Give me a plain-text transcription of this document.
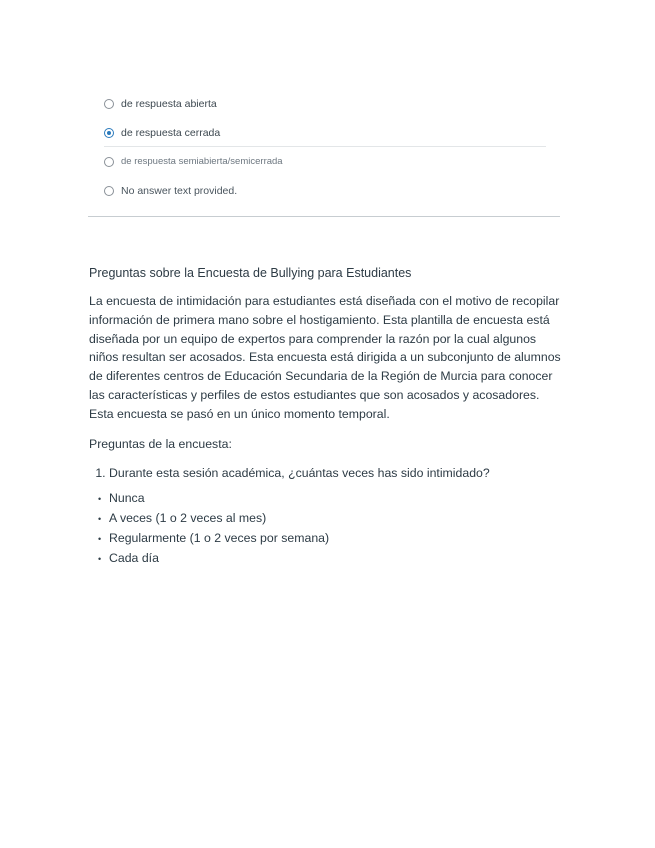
de respuesta abierta
de respuesta cerrada
de respuesta semiabierta/semicerrada
No answer text provided.
Preguntas sobre la Encuesta de Bullying para Estudiantes

La encuesta de intimidación para estudiantes está diseñada con el motivo de recopilar información de primera mano sobre el hostigamiento. Esta plantilla de encuesta está diseñada por un equipo de expertos para comprender la razón por la cual algunos niños resultan ser acosados. Esta encuesta está dirigida a un subconjunto de alumnos de diferentes centros de Educación Secundaria de la Región de Murcia para conocer las características y perfiles de estos estudiantes que son acosados y acosadores. Esta encuesta se pasó en un único momento temporal.

Preguntas de la encuesta:

1. Durante esta sesión académica, ¿cuántas veces has sido intimidado?
• Nunca
• A veces (1 o 2 veces al mes)
• Regularmente (1 o 2 veces por semana)
• Cada día
